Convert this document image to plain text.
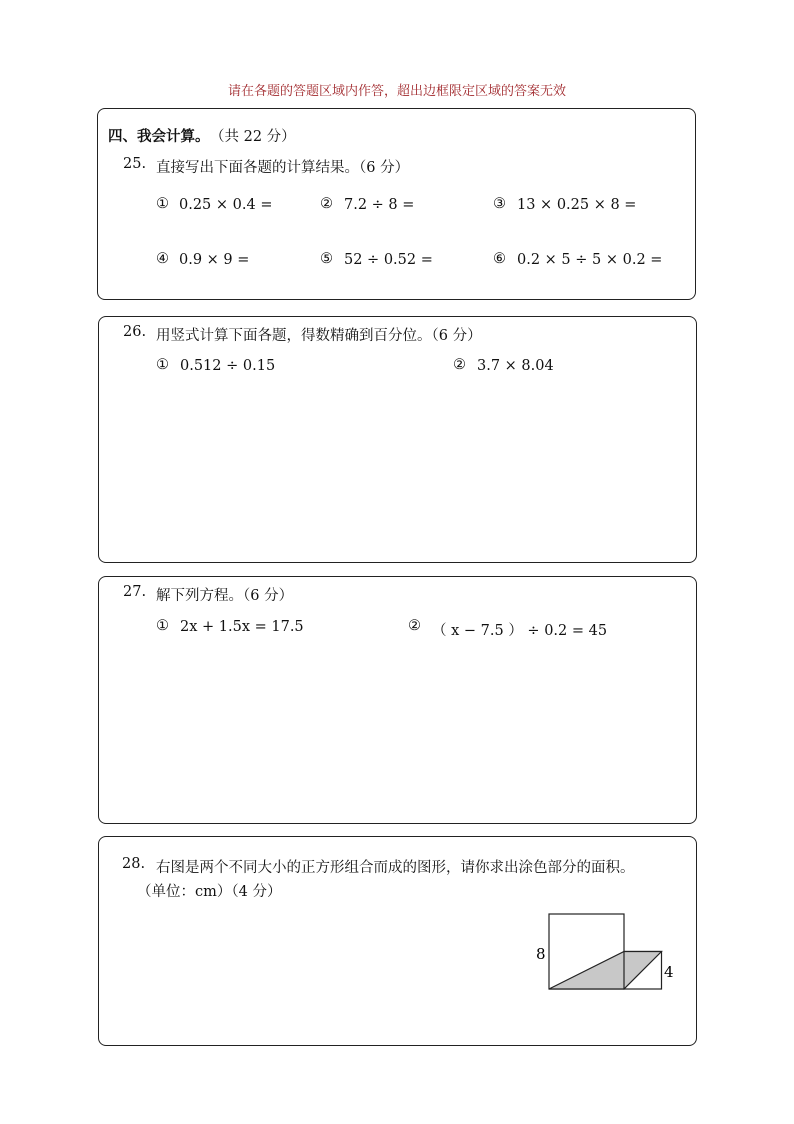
请在各题的答题区域内作答，超出边框限定区域的答案无效
四、我会计算。 （共 22 分）
25. 直接写出下面各题的计算结果。（6 分）
① 0.25 × 0.4 =	② 7.2 ÷ 8 =	③ 13 × 0.25 × 8 =
④ 0.9 × 9 =	⑤ 52 ÷ 0.52 =	⑥ 0.2 × 5 ÷ 5 × 0.2 =
26. 用竖式计算下面各题，得数精确到百分位。（6 分）
① 0.512 ÷ 0.15	② 3.7 × 8.04
27. 解下列方程。（6 分）
① 2x + 1.5x = 17.5	② （ x − 7.5 ） ÷ 0.2 = 45
28. 右图是两个不同大小的正方形组合而成的图形，请你求出涂色部分的面积。
（单位：cm）（4 分）
8
4
